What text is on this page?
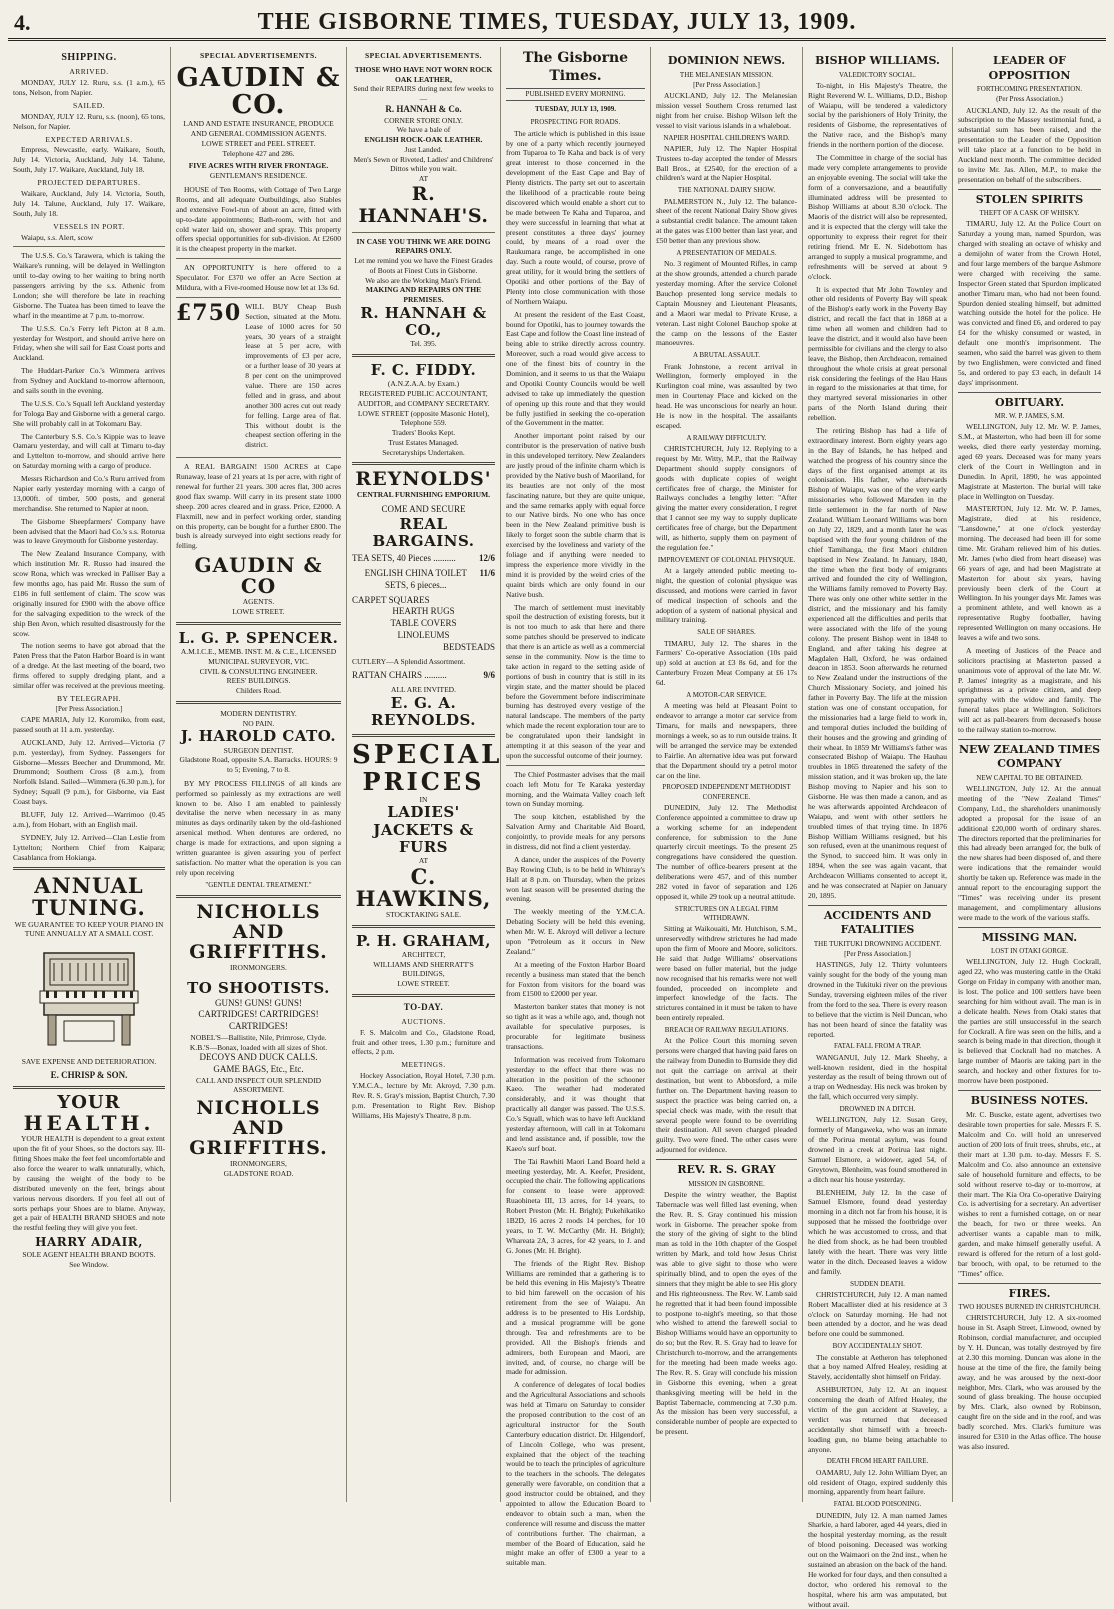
4.	THE GISBORNE TIMES, TUESDAY, JULY 13, 1909.
SHIPPING.
ARRIVED.

MONDAY, JULY 12. Ruru, s.s. (1 a.m.), 65 tons, Nelson, from Napier.

SAILED.

MONDAY, JULY 12. Ruru, s.s. (noon), 65 tons, Nelson, for Napier.

EXPECTED ARRIVALS.

Empress, Newcastle, early. Waikare, South, July 14. Victoria, Auckland, July 14. Talune, South, July 17. Waikare, Auckland, July 18.

PROJECTED DEPARTURES.

Waikare, Auckland, July 14. Victoria, South, July 14. Talune, Auckland, July 17. Waikare, South, July 18.

VESSELS IN PORT.

Waiapu, s.s. Alert, scow

The U.S.S. Co.'s Tarawera, which is taking the Waikare's running, will be delayed in Wellington until to-day owing to her waiting to bring north passengers arriving by the s.s. Athenic from London; she will therefore be late in reaching Gisborne. The Tuatea has been timed to leave the wharf in the meantime at 7 p.m. to-morrow.

The U.S.S. Co.'s Ferry left Picton at 8 a.m. yesterday for Westport, and should arrive here on Friday, when she will sail for East Coast ports and Auckland.

The Huddart-Parker Co.'s Wimmera arrives from Sydney and Auckland to-morrow afternoon, and sails south in the evening.

The U.S.S. Co.'s Squall left Auckland yesterday for Tologa Bay and Gisborne with a general cargo. She will probably call in at Tokomaru Bay.

The Canterbury S.S. Co.'s Kippie was to leave Oamaru yesterday, and will call at Timaru to-day and Lyttelton to-morrow, and should arrive here on Saturday morning with a cargo of produce.

Messrs Richardson and Co.'s Ruru arrived from Napier early yesterday morning with a cargo of 13,000ft. of timber, 500 posts, and general merchandise. She returned to Napier at noon.

The Gisborne Sheepfarmers' Company have been advised that the Maori had Co.'s s.s. Rotorua was to leave Greymouth for Gisborne yesterday.

The New Zealand Insurance Company, with which institution Mr. R. Russo had insured the scow Rona, which was wrecked in Palliser Bay a few months ago, has paid Mr. Russo the sum of £186 in full settlement of claim. The scow was originally insured for £900 with the above office for the salvaging expedition to the wreck of the ship Ben Avon, which resulted disastrously for the scow.

The notion seems to have got abroad that the Paten Press that the Paton Harbor Board is in want of a dredge. At the last meeting of the board, two firms offered to supply dredging plant, and a similar offer was received at the previous meeting.

BY TELEGRAPH.
[Per Press Association.]

CAPE MARIA, July 12. Koromiko, from east, passed south at 11 a.m. yesterday.

AUCKLAND, July 12. Arrived—Victoria (7 p.m. yesterday), from Sydney. Passengers for Gisborne—Messrs Beecher and Drummond, Mr. Drummond; Southern Cross (8 a.m.), from Norfolk Island. Sailed—Wimmera (6.30 p.m.), for Sydney; Squall (9 p.m.), for Gisborne, via East Coast bays.

BLUFF, July 12. Arrived—Warrimoo (0.45 a.m.), from Hobart, with an English mail.

SYDNEY, July 12. Arrived—Clan Leslie from Lyttelton; Northern Chief from Kaipara; Casablanca from Hokianga.

ANNUAL
TUNING.
WE GUARANTEE TO KEEP YOUR PIANO IN TUNE ANNUALLY AT A SMALL COST.
SAVE EXPENSE AND DETERIORATION.
E. CHRISP & SON.
YOUR
HEALTH.

YOUR HEALTH is dependent to a great extent upon the fit of your Shoes, so the doctors say. Ill-fitting Shoes make the feet feel uncomfortable and also force the wearer to walk unnaturally, which, by causing the weight of the body to be distributed unevenly on the feet, brings about various nervous disorders. If you feel all out of sorts perhaps your Shoes are to blame. Anyway, get a pair of HEALTH BRAND SHOES and note the restful feeling they will give you feet.

HARRY ADAIR,
SOLE AGENT HEALTH BRAND BOOTS.
See Window.
SPECIAL ADVERTISEMENTS.
GAUDIN & CO.
LAND AND ESTATE INSURANCE, PRODUCE AND GENERAL COMMISSION AGENTS.
LOWE STREET and PEEL STREET.
Telephone 427 and 286.
FIVE ACRES WITH RIVER FRONTAGE.
GENTLEMAN'S RESIDENCE.

HOUSE of Ten Rooms, with Cottage of Two Large Rooms, and all adequate Outbuildings, also Stables and extensive Fowl-run of about an acre, fitted with up-to-date appointments; Bath-room, with hot and cold water laid on, shower and spray. This property offers special opportunities for sub-division. At £2600 it is the cheapest property in the market.

AN OPPORTUNITY is here offered to a Speculator. For £370 we offer an Acre Section at Mildura, with a Five-roomed House now let at 13s 6d.

£750 WILL BUY Cheap Bush Section, situated at the Motu. Lease of 1000 acres for 50 years, 30 years of a straight lease at 5 per acre, with improvements of £3 per acre, or a further lease of 30 years at 8 per cent on the unimproved value. There are 150 acres felled and in grass, and about another 300 acres cut out ready for felling. Large area of flat. This without doubt is the cheapest section offering in the district.

A REAL BARGAIN! 1500 ACRES at Cape Runaway, lease of 21 years at 1s per acre, with right of renewal for further 21 years. 300 acres flat, 300 acres good flax swamp. Will carry in its present state 1000 sheep. 200 acres cleared and in grass. Price, £2000. A Flaxmill, new and in perfect working order, standing on this property, can be bought for a further £800. The bush is already surveyed into eight sections ready for felling.

GAUDIN & CO
AGENTS.
LOWE STREET.
L. G. P. SPENCER.
A.M.I.C.E., MEMB. INST. M. & C.E., LICENSED MUNICIPAL SURVEYOR, VIC.
CIVIL & CONSULTING ENGINEER.
REES' BUILDINGS.
Childers Road.
MODERN DENTISTRY.
NO PAIN.
J. HAROLD CATO.
SURGEON DENTIST.
Gladstone Road, opposite S.A. Barracks. HOURS: 9 to 5; Evening, 7 to 8.

BY MY PROCESS FILLINGS of all kinds are performed so painlessly as my extractions are well known to be. Also I am enabled to painlessly devitalise the nerve when necessary in as many minutes as days ordinarily taken by the old-fashioned arsenical method. When dentures are ordered, no charge is made for extractions, and upon signing a written guarantee is given assuring you of perfect satisfaction. No matter what the operation is you can rely upon receiving

"GENTLE DENTAL TREATMENT."
NICHOLLS AND GRIFFITHS.
IRONMONGERS.
TO SHOOTISTS.
GUNS! GUNS! GUNS!
CARTRIDGES! CARTRIDGES! CARTRIDGES!
NOBEL'S—Ballistite, Nile, Primrose, Clyde.
K.B.'S—Bonax, loaded with all sizes of Shot.
DECOYS AND DUCK CALLS.
GAME BAGS, Etc., Etc.
CALL AND INSPECT OUR SPLENDID ASSORTMENT.
NICHOLLS AND GRIFFITHS.
IRONMONGERS,
GLADSTONE ROAD.
SPECIAL ADVERTISEMENTS.
THOSE WHO HAVE NOT WORN ROCK OAK LEATHER,
Send their REPAIRS during next few weeks to—
R. HANNAH & Co.
CORNER STORE ONLY.
We have a bale of
ENGLISH ROCK-OAK LEATHER.
Just Landed.
Men's Sewn or Riveted, Ladies' and Childrens' Dittos while you wait.
AT
R. HANNAH'S.
IN CASE YOU THINK WE ARE DOING REPAIRS ONLY.
Let me remind you we have the Finest Grades of Boots at Finest Cuts in Gisborne.
We also are the Working Man's Friend.
MAKING AND REPAIRS ON THE PREMISES.
R. HANNAH & CO.,
Tel. 395.
F. C. FIDDY.
(A.N.Z.A.A. by Exam.)
REGISTERED PUBLIC ACCOUNTANT, AUDITOR, and COMPANY SECRETARY.
LOWE STREET (opposite Masonic Hotel), Telephone 559.
Traders' Books Kept.
Trust Estates Managed.
Secretaryships Undertaken.
REYNOLDS'
CENTRAL FURNISHING EMPORIUM.
COME AND SECURE
REAL BARGAINS.
TEA SETS, 40 Pieces ..........	12/6
ENGLISH CHINA TOILET SETS, 6 pieces...
11/6
CARPET SQUARES
HEARTH RUGS
TABLE COVERS
LINOLEUMS
BEDSTEADS
CUTLERY—A Splendid Assortment.
RATTAN CHAIRS ..........	9/6
ALL ARE INVITED.
E. G. A. REYNOLDS.
SPECIAL
PRICES
IN
LADIES'
JACKETS & FURS
AT
C. HAWKINS,
STOCKTAKING SALE.
P. H. GRAHAM,
ARCHITECT,
WILLIAMS AND SHERRATT'S BUILDINGS,
LOWE STREET.
TO-DAY.
AUCTIONS.

F. S. Malcolm and Co., Gladstone Road, fruit and other trees, 1.30 p.m.; furniture and effects, 2 p.m.

MEETINGS.

Hockey Association, Royal Hotel, 7.30 p.m. Y.M.C.A., lecture by Mr. Akroyd, 7.30 p.m. Rev. R. S. Gray's mission, Baptist Church, 7.30 p.m. Presentation to Right Rev. Bishop Williams, His Majesty's Theatre, 8 p.m.

The Gisborne Times.
PUBLISHED EVERY MORNING.
TUESDAY, JULY 13, 1909.
PROSPECTING FOR ROADS.

The article which is published in this issue by one of a party which recently journeyed from Tuparoa to Te Kaha and back is of very great interest to those concerned in the development of the East Cape and Bay of Plenty districts. The party set out to ascertain the likelihood of a practicable route being discovered which would enable a short cut to be made between Te Kaha and Tuparoa, and they were successful in learning that what at present constitutes a three days' journey could, by means of a road over the Raukumara range, be accomplished in one day. Such a route would, of course, prove of great utility, for it would bring the settlers of Opotiki and other portions of the Bay of Plenty into close communication with those of Northern Waiapu.

At present the resident of the East Coast, bound for Opotiki, has to journey towards the East Cape and follow the Coast line instead of being able to strike directly across country. Moreover, such a road would give access to one of the finest bits of country in the Dominion, and it seems to us that the Waiapu and Opotiki County Councils would be well advised to take up immediately the question of opening up this route and that they would be fully justified in seeking the co-operation of the Government in the matter.

Another important point raised by our contributor is the preservation of native bush in this undeveloped territory. New Zealanders are justly proud of the infinite charm which is provided by the Native bush of Maoriland, for its beauties are not only of the most fascinating nature, but they are quite unique, and the same remarks apply with equal force to our Native birds. No one who has once been in the New Zealand primitive bush is likely to forget soon the subtle charm that is exercised by the loveliness and variety of the foliage and if anything were needed to impress the experience more vividly in the mind it is provided by the weird cries of the quaint birds which are only found in our Native bush.

The march of settlement must inevitably spoil the destruction of existing forests, but it is not too much to ask that here and there some patches should be preserved to indicate that there is an article as well as a commercial sense in the community. Now is the time to take action in regard to the setting aside of portions of bush in country that is still in its virgin state, and the matter should be placed before the Government before indiscriminate burning has destroyed every vestige of the natural landscape. The members of the party which made the recent exploration tour are to be congratulated upon their landsight in attempting it at this season of the year and upon the successful outcome of their journey.

The Chief Postmaster advises that the mail coach left Motu for Te Karaka yesterday morning, and the Waimata Valley coach left town on Sunday morning.

The soup kitchen, established by the Salvation Army and Charitable Aid Board, conjointly, to provide meals for any persons in distress, did not find a client yesterday.

A dance, under the auspices of the Poverty Bay Rowing Club, is to be held in Whinray's Hall at 8 p.m. on Thursday, when the prizes won last season will be presented during the evening.

The weekly meeting of the Y.M.C.A. Debating Society will be held this evening, when Mr. W. E. Akroyd will deliver a lecture upon "Petroleum as it occurs in New Zealand."

At a meeting of the Foxton Harbor Board recently a business man stated that the bench for Foxton from visitors for the board was from £1500 to £2000 per year.

Masterton banker states that money is not so tight as it was a while ago, and, though not available for speculative purposes, is procurable for legitimate business transactions.

Information was received from Tokomaru yesterday to the effect that there was no alteration in the position of the schooner Kaeo. The weather had moderated considerably, and it was thought that practically all danger was passed. The U.S.S. Co.'s Squall, which was to have left Auckland yesterday afternoon, will call in at Tokomaru and lend assistance and, if possible, tow the Kaeo's surf boat.

The Tai Rawhiti Maori Land Board held a meeting yesterday, Mr. A. Keefer, President, occupied the chair. The following applications for consent to lease were approved: Ruaohineta III, 13 acres, for 14 years, to Robert Preston (Mr. H. Bright); Pukehikatiko 1B2D, 16 acres 2 roods 14 perches, for 10 years, to T. W. McCarthy (Mr. H. Bright); Whareata 2A, 3 acres, for 42 years, to J. and G. Jones (Mr. H. Bright).

The friends of the Right Rev. Bishop Williams are reminded that a gathering is to be held this evening in His Majesty's Theatre to bid him farewell on the occasion of his retirement from the see of Waiapu. An address is to be presented to His Lordship, and a musical programme will be gone through. Tea and refreshments are to be provided. All the Bishop's friends and admirers, both European and Maori, are invited, and, of course, no charge will be made for admission.

A conference of delegates of local bodies and the Agricultural Associations and schools was held at Timaru on Saturday to consider the proposed contribution to the cost of an agricultural instructor for the South Canterbury education district. Dr. Hilgendorf, of Lincoln College, who was present, explained that the object of the teaching would be to teach the principles of agriculture to the teachers in the schools. The delegates generally were favorable, on condition that a good instructor could be obtained, and they appointed to allow the Education Board to endeavor to obtain such a man, when the conference will resume and discuss the matter of contributions further. The chairman, a member of the Board of Education, said he might make an offer of £300 a year to a suitable man.

DOMINION NEWS.
THE MELANESIAN MISSION.
[Per Press Association.]

AUCKLAND, July 12. The Melanesian mission vessel Southern Cross returned last night from her cruise. Bishop Wilson left the vessel to visit various islands in a whaleboat.

NAPIER HOSPITAL CHILDREN'S WARD.

NAPIER, July 12. The Napier Hospital Trustees to-day accepted the tender of Messrs Ball Bros., at £2540, for the erection of a children's ward at the Napier Hospital.

THE NATIONAL DAIRY SHOW.

PALMERSTON N., July 12. The balance-sheet of the recent National Dairy Show gives a substantial credit balance. The amount taken at the gates was £100 better than last year, and £50 better than any previous show.

A PRESENTATION OF MEDALS.

No. 3 regiment of Mounted Rifles, in camp at the show grounds, attended a church parade yesterday morning. After the service Colonel Bauchop presented long service medals to Captain Mousney and Lieutenant Pleasants, and a Maori war medal to Private Kruse, a veteran. Last night Colonel Bauchop spoke at the camp on the lessons of the Easter manoeuvres.

A BRUTAL ASSAULT.

Frank Johnstone, a recent arrival in Wellington, formerly employed in the Kurlington coal mine, was assaulted by two men in Courtenay Place and kicked on the head. He was unconscious for nearly an hour. He is now in the hospital. The assailants escaped.

A RAILWAY DIFFICULTY.

CHRISTCHURCH, July 12. Replying to a request by Mr. Witty, M.P., that the Railway Department should supply consignors of goods with duplicate copies of weight certificates free of charge, the Minister for Railways concludes a lengthy letter: "After giving the matter every consideration, I regret that I cannot see my way to supply duplicate certificates free of charge, but the Department will, as hitherto, supply them on payment of the regulation fee."

IMPROVEMENT OF COLONIAL PHYSIQUE.

At a largely attended public meeting to-night, the question of colonial physique was discussed, and motions were carried in favor of medical inspection of schools and the adoption of a system of national physical and military training.

SALE OF SHARES.

TIMARU, July 12. The shares in the Farmers' Co-operative Association (10s paid up) sold at auction at £3 8s 6d, and for the Canterbury Frozen Meat Company at £6 17s 6d.

A MOTOR-CAR SERVICE.

A meeting was held at Pleasant Point to endeavor to arrange a motor car service from Timaru, for mails and newspapers, three mornings a week, so as to run outside trains. It will be arranged the service may be extended to Fairlie. An alternative idea was put forward that the Department should try a petrol motor car on the line.

PROPOSED INDEPENDENT METHODIST CONFERENCE.

DUNEDIN, July 12. The Methodist Conference appointed a committee to draw up a working scheme for an independent conference, for submission to the June quarterly circuit meetings. To the present 25 congregations have considered the question. The number of office-bearers present at the deliberations were 457, and of this number 282 voted in favor of separation and 126 opposed it, while 29 took up a neutral attitude.

STRICTURES ON A LEGAL FIRM WITHDRAWN.

Sitting at Waikouaiti, Mr. Hutchison, S.M., unreservedly withdrew strictures he had made upon the firm of Moore and Moore, solicitors. He said that Judge Williams' observations were based on fuller material, but the judge now recognised that his remarks were not well founded, proceeded on incomplete and imperfect knowledge of the facts. The strictures contained in it must be taken to have been entirely repealed.

BREACH OF RAILWAY REGULATIONS.

At the Police Court this morning seven persons were charged that having paid fares on the railway from Dunedin to Burnside they did not quit the carriage on arrival at their destination, but went to Abbotsford, a mile further on. The Department having reason to suspect the practice was being carried on, a special check was made, with the result that several people were found to be overriding their destination. All seven charged pleaded guilty. Two were fined. The other cases were adjourned for evidence.

REV. R. S. GRAY
MISSION IN GISBORNE.

Despite the wintry weather, the Baptist Tabernacle was well filled last evening, when the Rev. R. S. Gray continued his mission work in Gisborne. The preacher spoke from the story of the giving of sight to the blind man as told in the 10th chapter of the Gospel written by Mark, and told how Jesus Christ was able to give sight to those who were spiritually blind, and to open the eyes of the sinners that they might be able to see His glory and His righteousness. The Rev. W. Lamb said he regretted that it had been found impossible to postpone to-night's meeting, so that those who wished to attend the farewell social to Bishop Williams would have an opportunity to do so; but the Rev. R. S. Gray had to leave for Christchurch to-morrow, and the arrangements for the meeting had been made weeks ago. The Rev. R. S. Gray will conclude his mission in Gisborne this evening, when a great thanksgiving meeting will be held in the Baptist Tabernacle, commencing at 7.30 p.m. As the mission has been very successful, a considerable number of people are expected to be present.

BISHOP WILLIAMS.
VALEDICTORY SOCIAL.

To-night, in His Majesty's Theatre, the Right Reverend W. L. Williams, D.D., Bishop of Waiapu, will be tendered a valedictory social by the parishioners of Holy Trinity, the residents of Gisborne, the representatives of the Native race, and the Bishop's many friends in the northern portion of the diocese.

The Committee in charge of the social has made very complete arrangements to provide an enjoyable evening. The social will take the form of a conversazione, and a beautifully illuminated address will be presented to Bishop Williams at about 8.30 o'clock. The Maoris of the district will also be represented, and it is expected that the clergy will take the opportunity to express their regret for their retiring friend. Mr E. N. Sidebottom has arranged to supply a musical programme, and refreshments will be served at about 9 o'clock.

It is expected that Mr John Townley and other old residents of Poverty Bay will speak of the Bishop's early work in the Poverty Bay district, and recall the fact that in 1868 at a time when all women and children had to leave the district, and it would also have been permissible for civilians and the clergy to also leave, the Bishop, then Archdeacon, remained throughout the whole crisis at great personal risk considering the feelings of the Hau Haus in regard to the missionaries at that time, for they martyred several missionaries in other parts of the North Island during their rebellion.

The retiring Bishop has had a life of extraordinary interest. Born eighty years ago in the Bay of Islands, he has helped and watched the progress of his country since the days of the first organised attempt at its colonisation. His father, who afterwards Bishop of Waiapu, was one of the very early missionaries who followed Marsden in the little settlement in the far north of New Zealand. William Leonard Williams was born on July 22, 1829, and a month later he was baptised with the four young children of the chief Tamihanga, the first Maori children baptised in New Zealand. In January, 1840, the time when the first body of emigrants arrived and founded the city of Wellington, the Williams family removed to Poverty Bay. There was only one other white settler in the district, and the missionary and his family experienced all the difficulties and perils that were associated with the life of the young colony. The present Bishop went in 1848 to England, and after taking his degree at Magdalen Hall, Oxford, he was ordained deacon in 1853. Soon afterwards he returned to New Zealand under the instructions of the Church Missionary Society, and joined his father in Poverty Bay. The life at the mission station was one of constant occupation, for the missionaries had a large field to work in, and temporal duties included the building of their houses and the growing and grinding of their wheat. In 1859 Mr Williams's father was consecrated Bishop of Waiapu. The Hauhau troubles in 1865 threatened the safety of the mission station, and it was broken up, the late Bishop moving to Napier and his son to Gisborne. He was then made a canon, and as he was afterwards appointed Archdeacon of Waiapu, and went with other settlers he troubled times of that trying time. In 1876 Bishop William Williams resigned, but his son refused, even at the unanimous request of the Synod, to succeed him. It was only in 1894, when the see was again vacant, that Archdeacon Williams consented to accept it, and he was consecrated at Napier on January 20, 1895.

ACCIDENTS AND FATALITIES
THE TUKITUKI DROWNING ACCIDENT.
[Per Press Association.]

HASTINGS, July 12. Thirty volunteers vainly sought for the body of the young man drowned in the Tukituki river on the previous Sunday, traversing eighteen miles of the river from the ford to the sea. There is every reason to believe that the victim is Neil Duncan, who has not been heard of since the fatality was reported.

FATAL FALL FROM A TRAP.

WANGANUI, July 12. Mark Sheehy, a well-known resident, died in the hospital yesterday as the result of being thrown out of a trap on Wednesday. His neck was broken by the fall, which occurred very simply.

DROWNED IN A DITCH.

WELLINGTON, July 12. Susan Grey, formerly of Mangaweka, who was an inmate of the Porirua mental asylum, was found drowned in a creek at Porirua last night. Samuel Elsmore, a widower, aged 54, of Greytown, Blenheim, was found smothered in a ditch near his house yesterday.

BLENHEIM, July 12. In the case of Samuel Elsmore, found dead yesterday morning in a ditch not far from his house, it is supposed that he missed the footbridge over which he was accustomed to cross, and that he died from shock, as he had been troubled lately with the heart. There was very little water in the ditch. Deceased leaves a widow and family.

SUDDEN DEATH.

CHRISTCHURCH, July 12. A man named Robert Macallister died at his residence at 3 o'clock on Saturday morning. He had not been attended by a doctor, and he was dead before one could be summoned.

BOY ACCIDENTALLY SHOT.

The constable at Aetheron has telephoned that a boy named Alfred Healey, residing at Stavely, accidentally shot himself on Friday.

ASHBURTON, July 12. At an inquest concerning the death of Alfred Healey, the victim of the gun accident at Staveley, a verdict was returned that deceased accidentally shot himself with a breech-loading gun, no blame being attachable to anyone.

DEATH FROM HEART FAILURE.

OAMARU, July 12. John William Dyer, an old resident of Otago, expired suddenly this morning, apparently from heart failure.

FATAL BLOOD POISONING.

DUNEDIN, July 12. A man named James Sharkie, a hard laborer, aged 44 years, died in the hospital yesterday morning, as the result of blood poisoning. Deceased was working out on the Waimaori on the 2nd inst., when he sustained an abrasion on the back of the hand. He worked for four days, and then consulted a doctor, who ordered his removal to the hospital, where his arm was amputated, but without avail.

LEADER OF OPPOSITION
FORTHCOMING PRESENTATION.
(Per Press Association.)

AUCKLAND, July 12. As the result of the subscription to the Massey testimonial fund, a substantial sum has been raised, and the presentation to the Leader of the Opposition will take place at a function to be held in Auckland next month. The committee decided to invite Mr. Jas. Allen, M.P., to make the presentation on behalf of the subscribers.

STOLEN SPIRITS
THEFT OF A CASK OF WHISKY.

TIMARU, July 12. At the Police Court on Saturday a young man, named Spurdon, was charged with stealing an octave of whisky and a demijohn of water from the Crown Hotel, and four large members of the barque Ashmore were charged with receiving the same. Inspector Green stated that Spurdon implicated another Timaru man, who had not been found. Spurdon denied stealing himself, but admitted watching outside the hotel for the police. He was convicted and fined £6, and ordered to pay £4 for the whisky consumed or wasted, in default one month's imprisonment. The seamen, who said the barrel was given to them by two Englishmen, were convicted and fined 5s, and ordered to pay £3 each, in default 14 days' imprisonment.

OBITUARY.
MR. W. P. JAMES, S.M.

WELLINGTON, July 12. Mr. W. P. James, S.M., at Masterton, who had been ill for some weeks, died there early yesterday morning, aged 69 years. Deceased was for many years clerk of the Court in Wellington and in Dunedin. In April, 1890, he was appointed Magistrate at Masterton. The burial will take place in Wellington on Tuesday.

MASTERTON, July 12. Mr. W. P. James, Magistrate, died at his residence, "Lansdowne," at one o'clock yesterday morning. The deceased had been ill for some time. Mr. Graham relieved him of his duties. Mr. James (who died from heart disease) was 66 years of age, and had been Magistrate at Masterton for about six years, having previously been clerk of the Court at Wellington. In his younger days Mr. James was a prominent athlete, and well known as a representative Rugby footballer, having represented Wellington on many occasions. He leaves a wife and two sons.

A meeting of Justices of the Peace and solicitors practising at Masterton passed a unanimous vote of approval of the late Mr. W. P. James' integrity as a magistrate, and his uprightness as a private citizen, and deep sympathy with the widow and family. The funeral takes place at Wellington. Solicitors will act as pall-bearers from deceased's house to the railway station to-morrow.

NEW ZEALAND TIMES COMPANY
NEW CAPITAL TO BE OBTAINED.

WELLINGTON, July 12. At the annual meeting of the "New Zealand Times" Company, Ltd., the shareholders unanimously adopted a proposal for the issue of an additional £20,000 worth of ordinary shares. The directors reported that the preliminaries for this had already been arranged for, the bulk of the new shares had been disposed of, and there were indications that the remainder would shortly be taken up. Reference was made in the annual report to the encouraging support the "Times" was receiving under its present management, and complimentary allusions were made to the work of the various staffs.

MISSING MAN.
LOST IN OTAKI GORGE.

WELLINGTON, July 12. Hugh Cockrall, aged 22, who was mustering cattle in the Otaki Gorge on Friday in company with another man, is lost. The police and 100 settlers have been searching for him without avail. The man is in a delicate health. News from Otaki states that the parties are still unsuccessful in the search for Cockrall. A fire was seen on the hills, and a search is being made in that direction, though it is believed that Cockrall had no matches. A large number of Maoris are taking part in the search, and hockey and other fixtures for to-morrow have been postponed.

BUSINESS NOTES.

Mr. C. Buscke, estate agent, advertises two desirable town properties for sale. Messrs F. S. Malcolm and Co. will hold an unreserved auction of 200 lots of fruit trees, shrubs, etc., at their mart at 1.30 p.m. to-day. Messrs F. S. Malcolm and Co. also announce an extensive sale of household furniture and effects, to be sold without reserve to-day or to-morrow, at their mart. The Kia Ora Co-operative Dairying Co. is advertising for a secretary. An advertiser wishes to rent a furnished cottage, on or near the beach, for two or three weeks. An advertiser wants a capable man to milk, garden, and make himself generally useful. A reward is offered for the return of a lost gold-bar brooch, with opal, to be returned to the "Times" office.

FIRES.
TWO HOUSES BURNED IN CHRISTCHURCH.

CHRISTCHURCH, July 12. A six-roomed house in St. Asaph Street, Linwood, owned by Robinson, cordial manufacturer, and occupied by Y. H. Duncan, was totally destroyed by fire at 2.30 this morning. Duncan was alone in the house at the time of the fire, the family being away, and he was aroused by the next-door neighbor, Mrs. Clark, who was aroused by the sound of glass breaking. The house occupied by Mrs. Clark, also owned by Robinson, caught fire on the side and in the roof, and was badly scorched. Mrs. Clark's furniture was insured for £310 in the Atlas office. The house was also insured.
